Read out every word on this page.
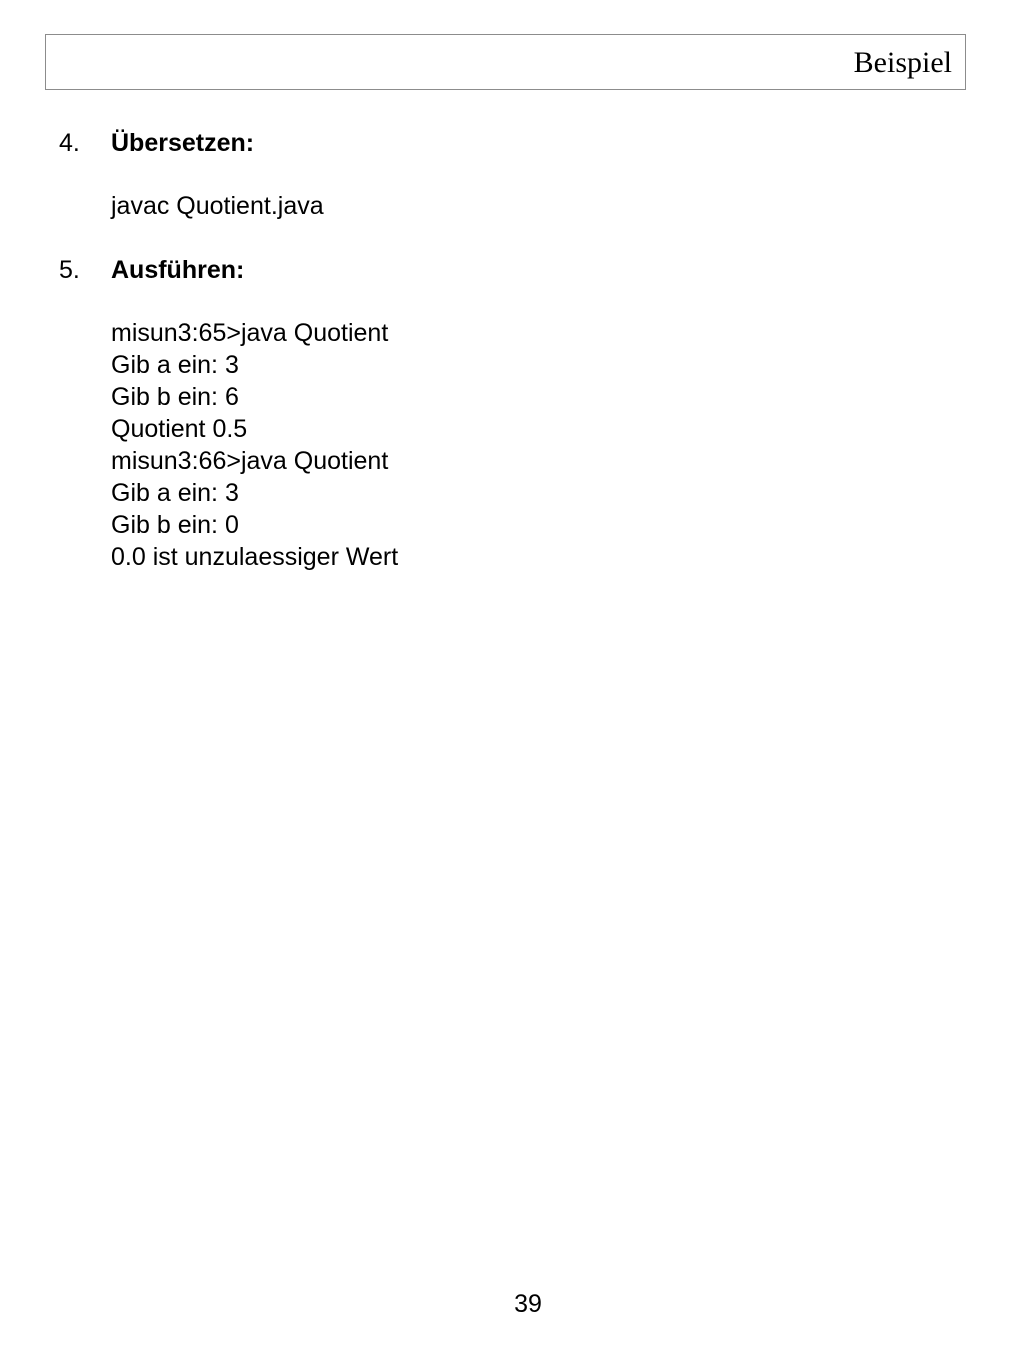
Beispiel
4. Übersetzen:
javac Quotient.java
5. Ausführen:
misun3:65>java Quotient
Gib a ein: 3
Gib b ein: 6
Quotient 0.5
misun3:66>java Quotient
Gib a ein: 3
Gib b ein: 0
0.0 ist unzulaessiger Wert
39
